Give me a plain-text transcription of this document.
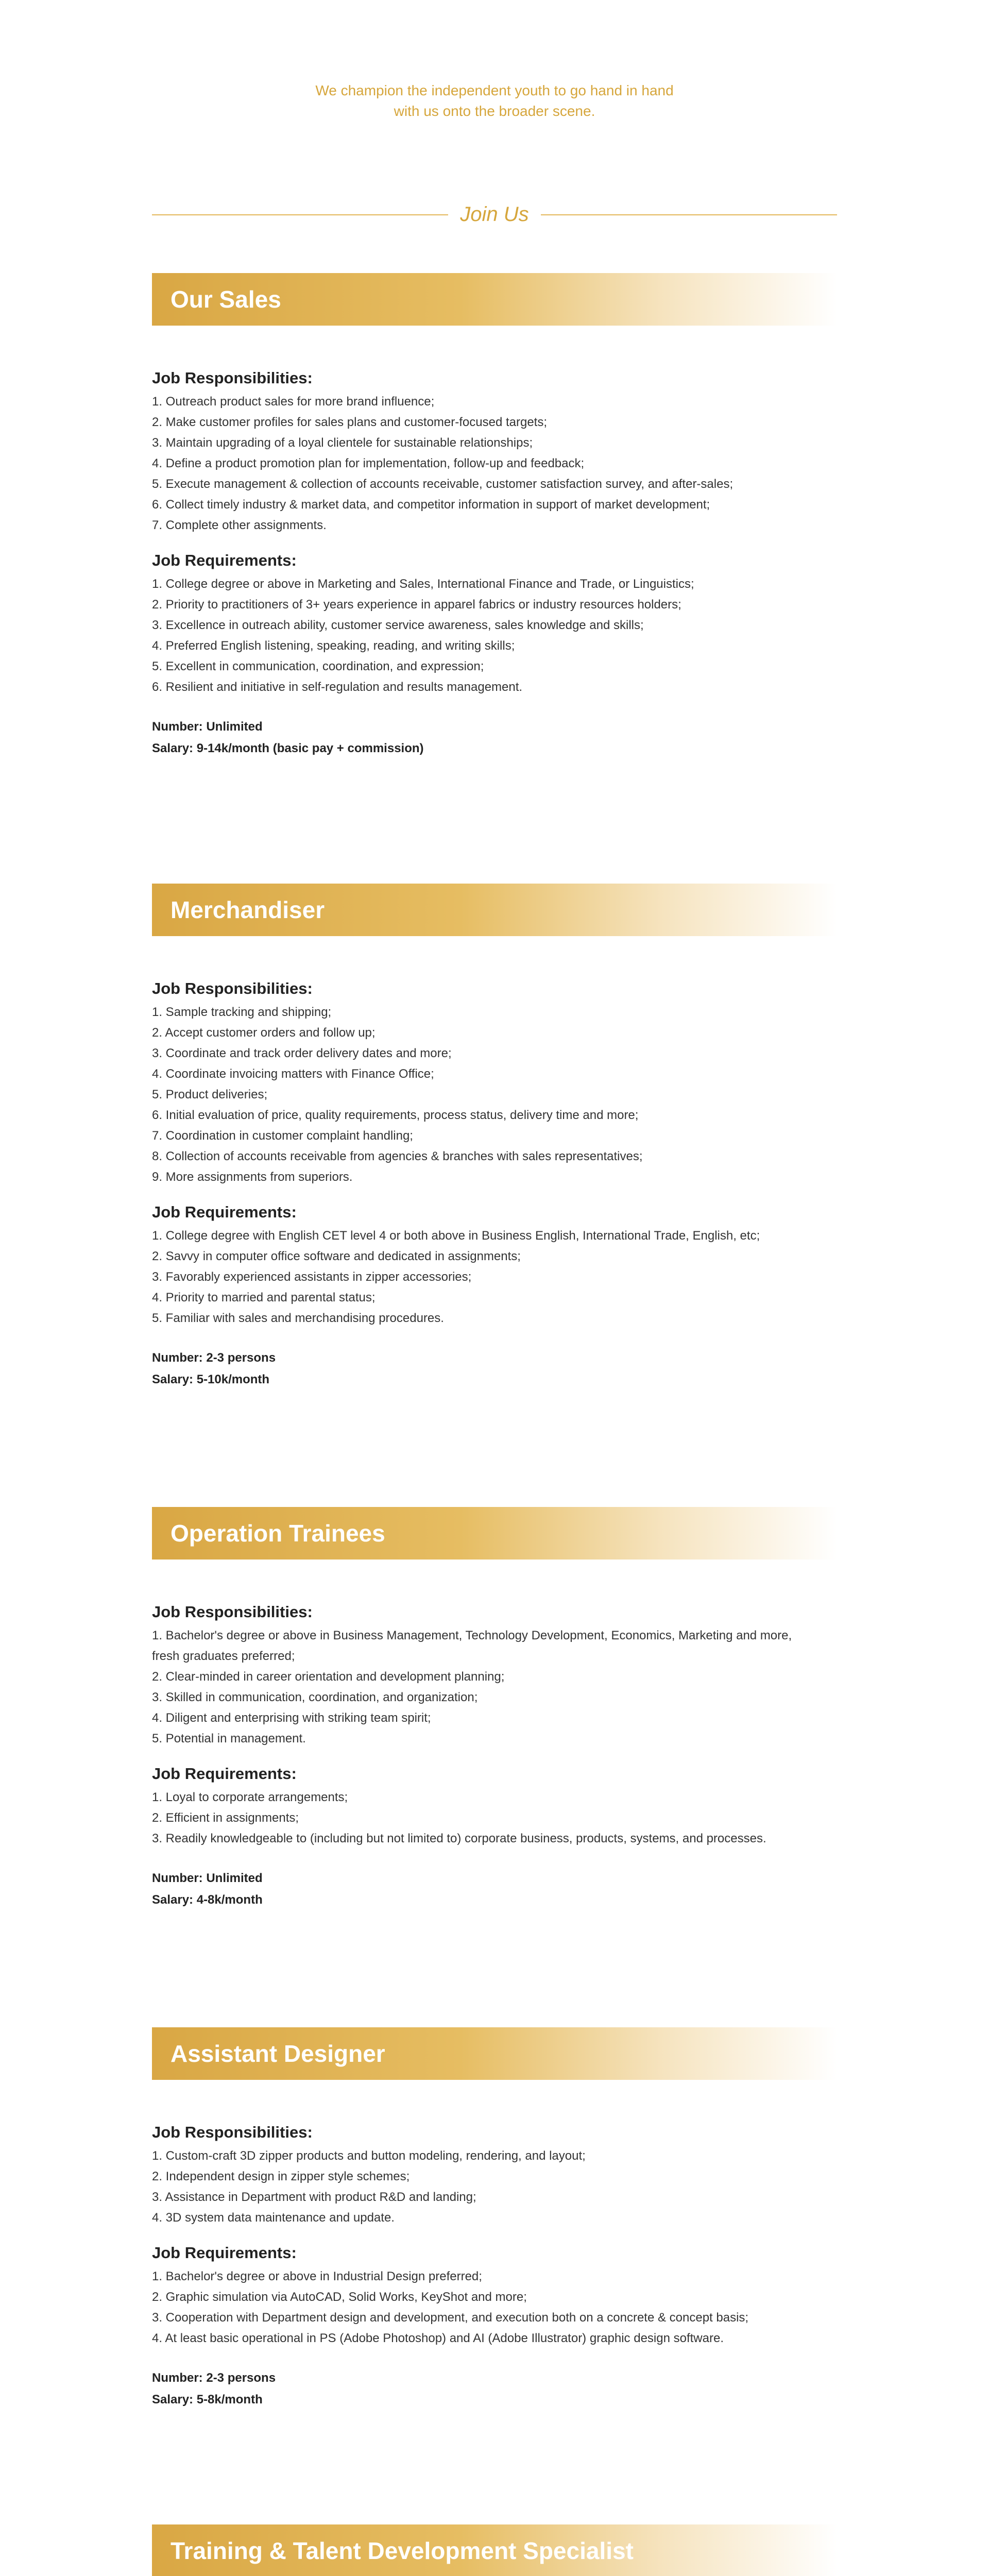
We champion the independent youth to go hand in hand
with us onto the broader scene.
Join Us
Our Sales
Job Responsibilities:
1. Outreach product sales for more brand influence;
2. Make customer profiles for sales plans and customer-focused targets;
3. Maintain upgrading of a loyal clientele for sustainable relationships;
4. Define a product promotion plan for implementation, follow-up and feedback;
5. Execute management & collection of accounts receivable, customer satisfaction survey, and after-sales;
6. Collect timely industry & market data, and competitor information in support of market development;
7. Complete other assignments.
Job Requirements:
1. College degree or above in Marketing and Sales, International Finance and Trade, or Linguistics;
2. Priority to practitioners of 3+ years experience in apparel fabrics or industry resources holders;
3. Excellence in outreach ability, customer service awareness, sales knowledge and skills;
4. Preferred English listening, speaking, reading, and writing skills;
5. Excellent in communication, coordination, and expression;
6. Resilient and initiative in self-regulation and results management.
Number: Unlimited
Salary: 9-14k/month (basic pay + commission)
Merchandiser
Job Responsibilities:
1. Sample tracking and shipping;
2. Accept customer orders and follow up;
3. Coordinate and track order delivery dates and more;
4. Coordinate invoicing matters with Finance Office;
5. Product deliveries;
6. Initial evaluation of price, quality requirements, process status, delivery time and more;
7. Coordination in customer complaint handling;
8. Collection of accounts receivable from agencies & branches with sales representatives;
9. More assignments from superiors.
Job Requirements:
1. College degree with English CET level 4 or both above in Business English, International Trade, English, etc;
2. Savvy in computer office software and dedicated in assignments;
3. Favorably experienced assistants in zipper accessories;
4. Priority to married and parental status;
5. Familiar with sales and merchandising procedures.
Number: 2-3 persons
Salary: 5-10k/month
Operation Trainees
Job Responsibilities:
1. Bachelor's degree or above in Business Management, Technology Development, Economics, Marketing and more,
fresh graduates preferred;
2. Clear-minded in career orientation and development planning;
3. Skilled in communication, coordination, and organization;
4. Diligent and enterprising with striking team spirit;
5. Potential in management.
Job Requirements:
1. Loyal to corporate arrangements;
2. Efficient in assignments;
3. Readily knowledgeable to (including but not limited to) corporate business, products, systems, and processes.
Number: Unlimited
Salary: 4-8k/month
Assistant Designer
Job Responsibilities:
1. Custom-craft 3D zipper products and button modeling, rendering, and layout;
2. Independent design in zipper style schemes;
3. Assistance in Department with product R&D and landing;
4. 3D system data maintenance and update.
Job Requirements:
1. Bachelor's degree or above in Industrial Design preferred;
2. Graphic simulation via AutoCAD, Solid Works, KeyShot and more;
3. Cooperation with Department design and development, and execution both on a concrete & concept basis;
4. At least basic operational in PS (Adobe Photoshop) and AI (Adobe Illustrator) graphic design software.
Number: 2-3 persons
Salary: 5-8k/month
Training & Talent Development Specialist
